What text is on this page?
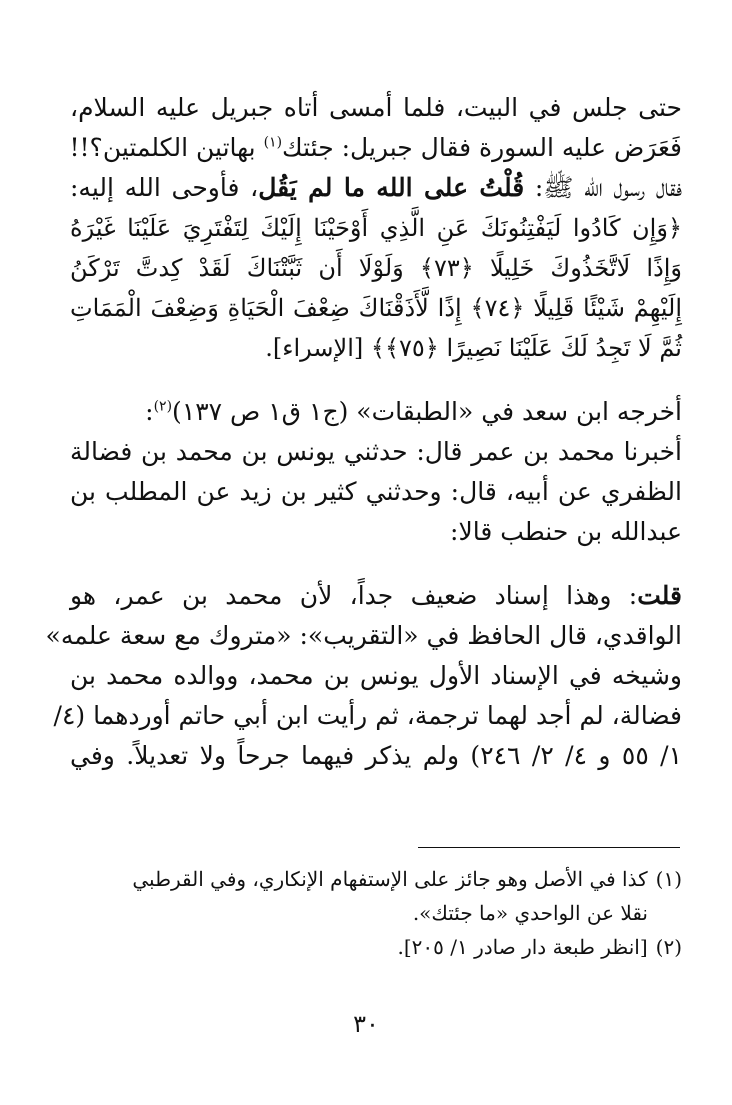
حتى جلس في البيت، فلما أمسى أتاه جبريل عليه السلام،
فَعَرَض عليه السورة فقال جبريل: جئتك$^{(١)}$ بهاتين الكلمتين؟!!
فقال رسول الله ﷺ: قُلْتُ على الله ما لم يَقُل، فأوحى الله إليه:
﴿وَإِن كَادُوا لَيَفْتِنُونَكَ عَنِ الَّذِي أَوْحَيْنَا إِلَيْكَ لِتَفْتَرِيَ عَلَيْنَا غَيْرَهُ
وَإِذًا لَاتَّخَذُوكَ خَلِيلًا ﴿٧٣﴾ وَلَوْلَا أَن ثَبَّتْنَاكَ لَقَدْ كِدتَّ تَرْكَنُ
إِلَيْهِمْ شَيْئًا قَلِيلًا ﴿٧٤﴾ إِذًا لَّأَذَقْنَاكَ ضِعْفَ الْحَيَاةِ وَضِعْفَ الْمَمَاتِ
ثُمَّ لَا تَجِدُ لَكَ عَلَيْنَا نَصِيرًا ﴿٧٥﴾﴾ [الإسراء].
أخرجه ابن سعد في «الطبقات» (ج١ ق١ ص ١٣٧)$^{(٢)}$:
أخبرنا محمد بن عمر قال: حدثني يونس بن محمد بن فضالة
الظفري عن أبيه، قال: وحدثني كثير بن زيد عن المطلب بن
عبدالله بن حنطب قالا:
قلت: وهذا إسناد ضعيف جداً، لأن محمد بن عمر، هو
الواقدي، قال الحافظ في «التقريب»: «متروك مع سعة علمه»
وشيخه في الإسناد الأول يونس بن محمد، ووالده محمد بن
فضالة، لم أجد لهما ترجمة، ثم رأيت ابن أبي حاتم أوردهما (٤/
١/ ٥٥ و ٤/ ٢/ ٢٤٦) ولم يذكر فيهما جرحاً ولا تعديلاً. وفي
(١)كذا في الأصل وهو جائز على الإستفهام الإنكاري، وفي القرطبي
نقلا عن الواحدي «ما جئتك».
(٢)[انظر طبعة دار صادر ١/ ٢٠٥].
٣٠
